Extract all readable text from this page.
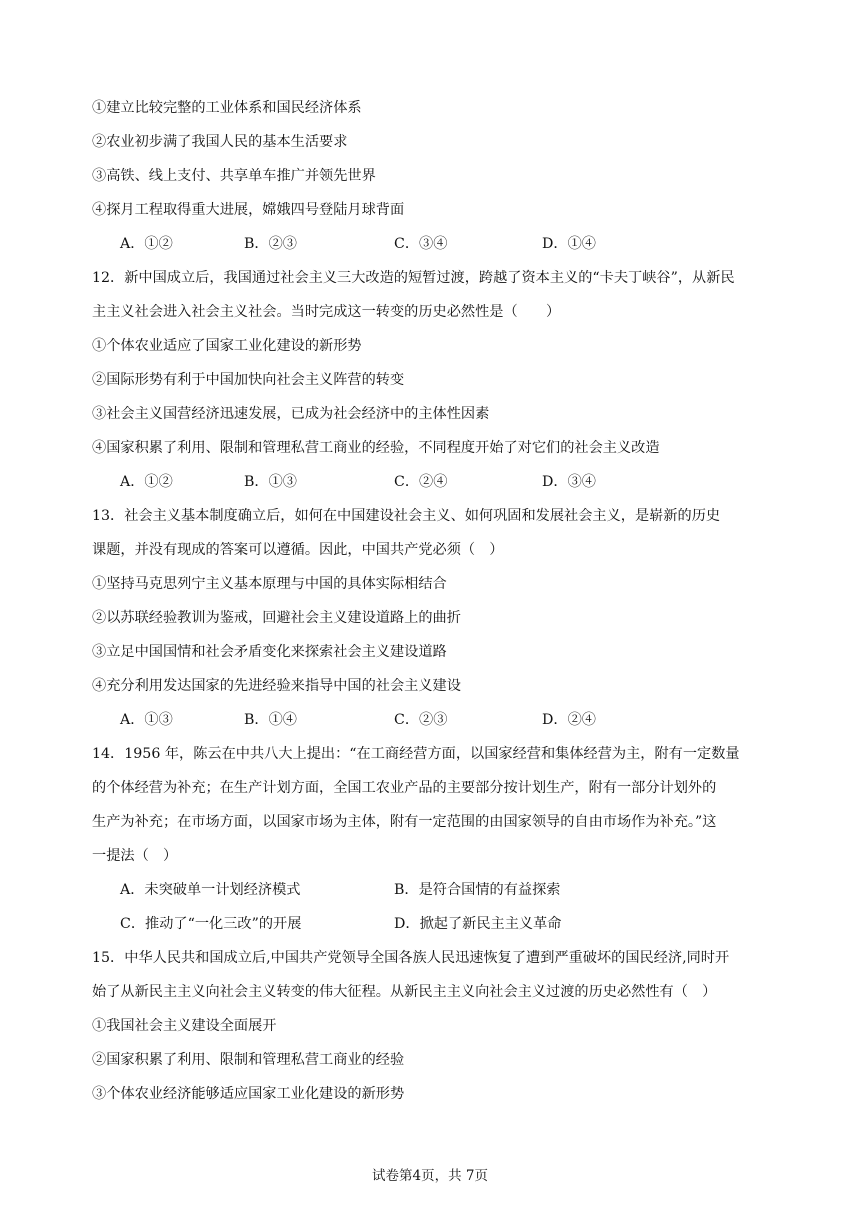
①建立比较完整的工业体系和国民经济体系
②农业初步满了我国人民的基本生活要求
③高铁、线上支付、共享单车推广并领先世界
④探月工程取得重大进展，嫦娥四号登陆月球背面
A．①②	B．②③	C．③④	D．①④
12．新中国成立后，我国通过社会主义三大改造的短暂过渡，跨越了资本主义的“卡夫丁峡谷”，从新民
主主义社会进入社会主义社会。当时完成这一转变的历史必然性是（　　）
①个体农业适应了国家工业化建设的新形势
②国际形势有利于中国加快向社会主义阵营的转变
③社会主义国营经济迅速发展，已成为社会经济中的主体性因素
④国家积累了利用、限制和管理私营工商业的经验，不同程度开始了对它们的社会主义改造
A．①②	B．①③	C．②④	D．③④
13．社会主义基本制度确立后，如何在中国建设社会主义、如何巩固和发展社会主义，是崭新的历史
课题，并没有现成的答案可以遵循。因此，中国共产党必须（　）
①坚持马克思列宁主义基本原理与中国的具体实际相结合
②以苏联经验教训为鉴戒，回避社会主义建设道路上的曲折
③立足中国国情和社会矛盾变化来探索社会主义建设道路
④充分利用发达国家的先进经验来指导中国的社会主义建设
A．①③	B．①④	C．②③	D．②④
14．1956 年，陈云在中共八大上提出：“在工商经营方面，以国家经营和集体经营为主，附有一定数量
的个体经营为补充；在生产计划方面，全国工农业产品的主要部分按计划生产，附有一部分计划外的
生产为补充；在市场方面，以国家市场为主体，附有一定范围的由国家领导的自由市场作为补充。”这
一提法（　）
A．未突破单一计划经济模式	B．是符合国情的有益探索
C．推动了“一化三改”的开展	D．掀起了新民主主义革命
15．中华人民共和国成立后,中国共产党领导全国各族人民迅速恢复了遭到严重破坏的国民经济,同时开
始了从新民主主义向社会主义转变的伟大征程。从新民主主义向社会主义过渡的历史必然性有（　）
①我国社会主义建设全面展开
②国家积累了利用、限制和管理私营工商业的经验
③个体农业经济能够适应国家工业化建设的新形势
试卷第4页，共 7页
